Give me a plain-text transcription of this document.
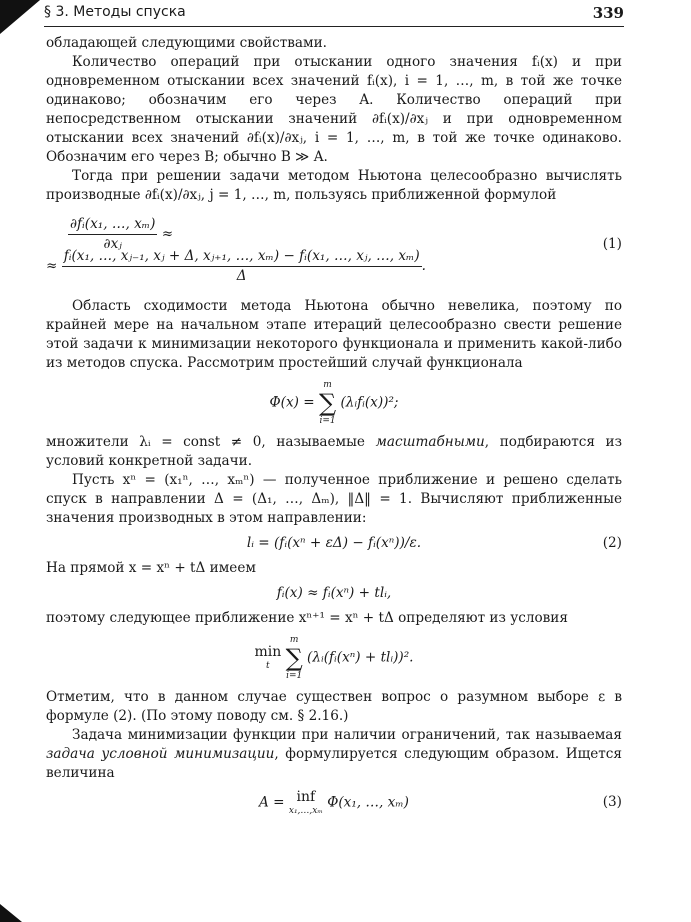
§ 3. Методы спуска	339

обладающей следующими свойствами.

Количество операций при отыскании одного значения fᵢ(x) и при одновременном отыскании всех значений fᵢ(x), i = 1, …, m, в той же точке одинаково; обозначим его через A. Количество операций при непосредственном отыскании значений ∂fᵢ(x)/∂xⱼ и при одновременном отыскании всех значений ∂fᵢ(x)/∂xⱼ, i = 1, …, m, в той же точке одинаково. Обозначим его через B; обычно B ≫ A.

Тогда при решении задачи методом Ньютона целесообразно вычислять производные ∂fᵢ(x)/∂xⱼ, j = 1, …, m, пользуясь приближенной формулой

$\frac{\text{∂fᵢ(x₁, …, xₘ)}}{\text{∂xⱼ}}$ ≈
≈ $\frac{\text{fᵢ(x₁, …, xⱼ₋₁, xⱼ + Δ, xⱼ₊₁, …, xₘ) − fᵢ(x₁, …, xⱼ, …, xₘ)}}{\Delta}$ .
(1)

Область сходимости метода Ньютона обычно невелика, поэтому по крайней мере на начальном этапе итераций целесообразно свести решение этой задачи к минимизации некоторого функционала и применить какой-либо из методов спуска. Рассмотрим простейший случай функционала

Φ(x) =
m
∑
i=1
(λᵢfᵢ(x))²;

множители λᵢ = const ≠ 0, называемые масштабными, подбираются из условий конкретной задачи.

Пусть xⁿ = (x₁ⁿ, …, xₘⁿ) — полученное приближение и решено сделать спуск в направлении Δ = (Δ₁, …, Δₘ), ‖Δ‖ = 1. Вычисляют приближенные значения производных в этом направлении:

lᵢ = (fᵢ(xⁿ + εΔ) − fᵢ(xⁿ))/ε.	(2)

На прямой x = xⁿ + tΔ имеем

fᵢ(x) ≈ fᵢ(xⁿ) + tlᵢ,

поэтому следующее приближение xⁿ⁺¹ = xⁿ + tΔ определяют из условия

min
t

m
∑
i=1
(λᵢ(fᵢ(xⁿ) + tlᵢ))².

Отметим, что в данном случае существен вопрос о разумном выборе ε в формуле (2). (По этому поводу см. § 2.16.)

Задача минимизации функции при наличии ограничений, так называемая задача условной минимизации, формулируется следующим образом. Ищется величина

A = inf
x₁,…,xₘ
Φ(x₁, …, xₘ)	(3)
